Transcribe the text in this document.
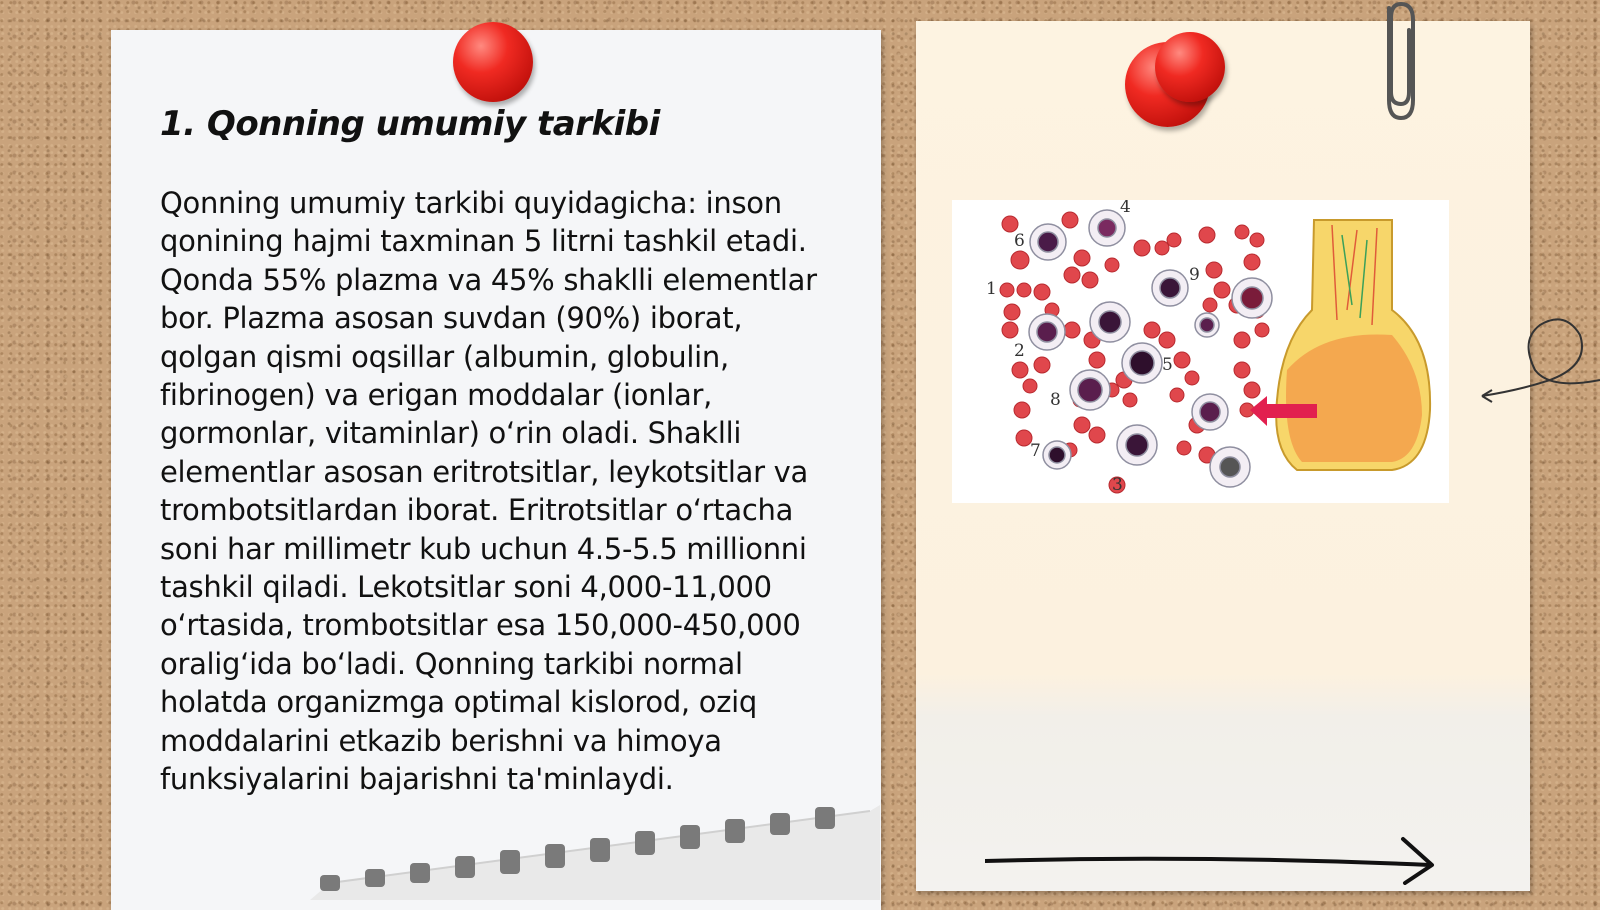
1. Qonning umumiy tarkibi

Qonning umumiy tarkibi quyidagicha: inson qonining hajmi taxminan 5 litrni tashkil etadi. Qonda 55% plazma va 45% shaklli elementlar bor. Plazma asosan suvdan (90%) iborat, qolgan qismi oqsillar (albumin, globulin, fibrinogen) va erigan moddalar (ionlar, gormonlar, vitaminlar) o‘rin oladi. Shaklli elementlar asosan eritrotsitlar, leykotsitlar va trombotsitlardan iborat. Eritrotsitlar o‘rtacha soni har millimetr kub uchun 4.5-5.5 millionni tashkil qiladi. Lekotsitlar soni 4,000-11,000 o‘rtasida, trombotsitlar esa 150,000-450,000 oralig‘ida bo‘ladi. Qonning tarkibi normal holatda organizmga optimal kislorod, oziq moddalarini etkazib berishni va himoya funksiyalarini bajarishni ta'minlaydi.

1
2
3
4
5
6
7
8
9
